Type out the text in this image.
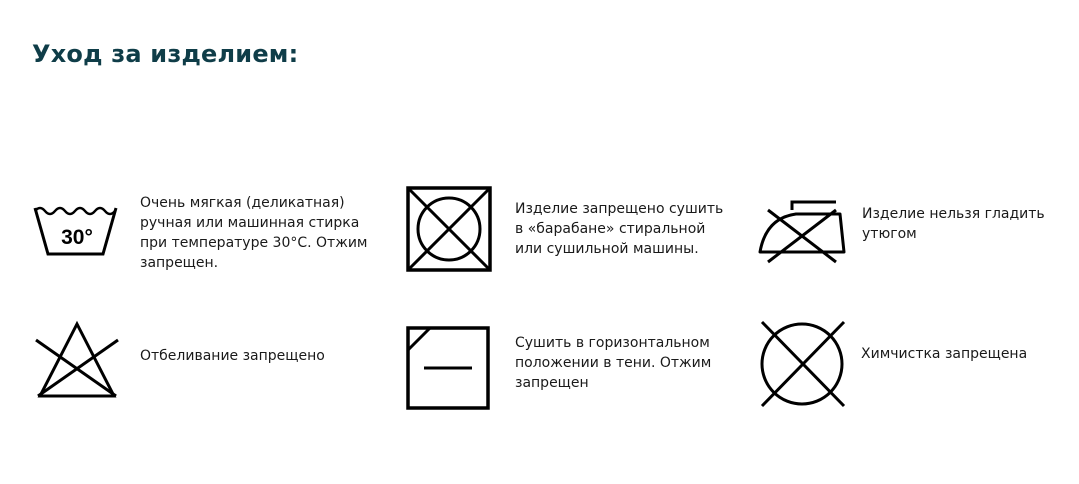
Уход за изделием:
30°
Очень мягкая (деликатная)
ручная или машинная стирка
при температуре 30°С. Отжим
запрещен.
Изделие запрещено сушить
в «барабане» стиральной
или сушильной машины.
Изделие нельзя гладить
утюгом
Отбеливание запрещено
Сушить в горизонтальном
положении в тени. Отжим
запрещен
Химчистка запрещена
